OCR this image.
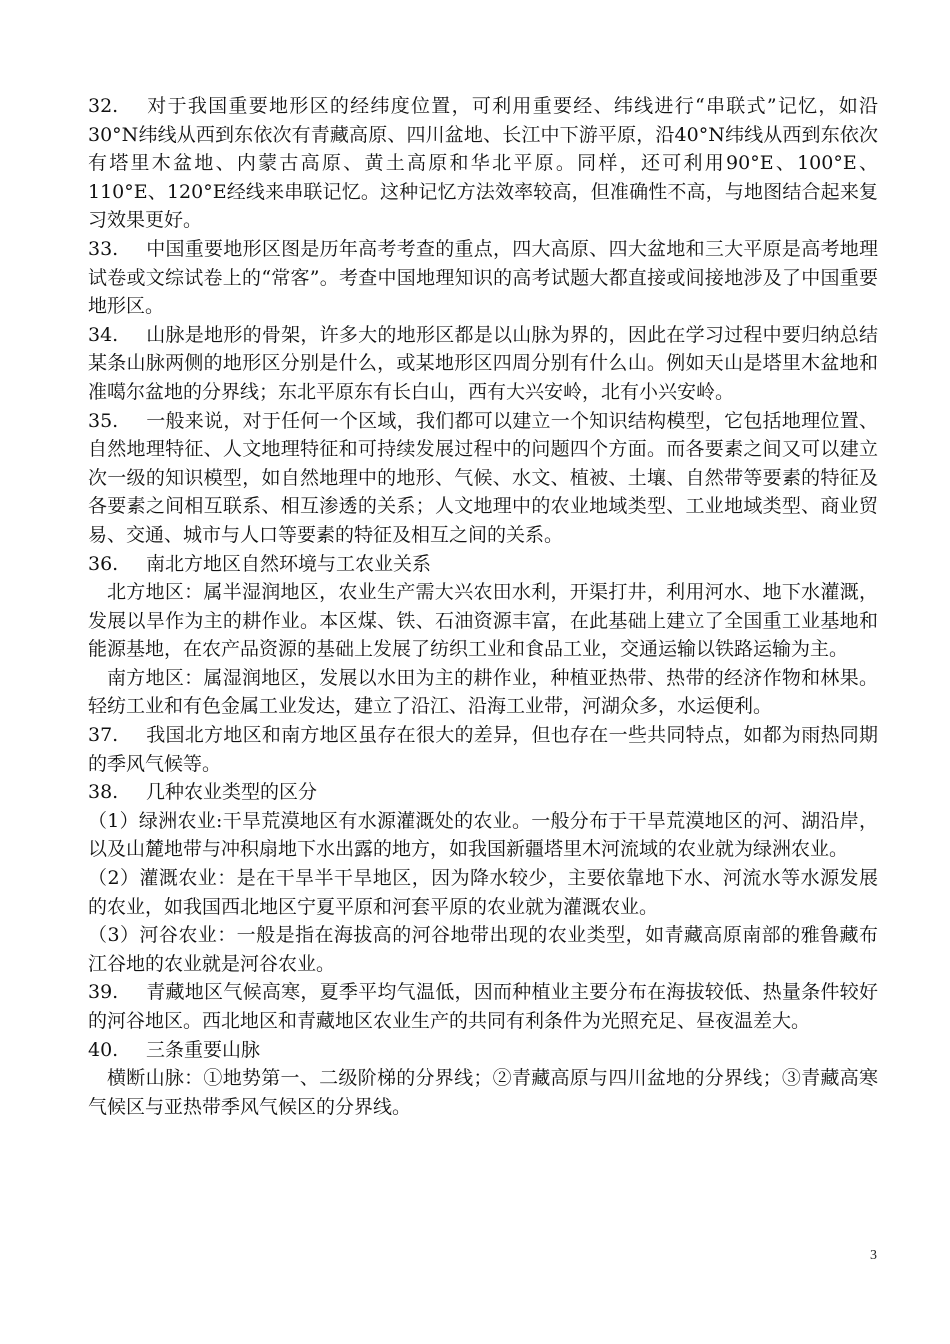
32. 对于我国重要地形区的经纬度位置，可利用重要经、纬线进行“串联式”记忆，如沿30°N纬线从西到东依次有青藏高原、四川盆地、长江中下游平原，沿40°N纬线从西到东依次有塔里木盆地、内蒙古高原、黄土高原和华北平原。同样，还可利用90°E、100°E、110°E、120°E经线来串联记忆。这种记忆方法效率较高，但准确性不高，与地图结合起来复习效果更好。

33. 中国重要地形区图是历年高考考查的重点，四大高原、四大盆地和三大平原是高考地理试卷或文综试卷上的“常客”。考查中国地理知识的高考试题大都直接或间接地涉及了中国重要地形区。

34. 山脉是地形的骨架，许多大的地形区都是以山脉为界的，因此在学习过程中要归纳总结某条山脉两侧的地形区分别是什么，或某地形区四周分别有什么山。例如天山是塔里木盆地和准噶尔盆地的分界线；东北平原东有长白山，西有大兴安岭，北有小兴安岭。

35. 一般来说，对于任何一个区域，我们都可以建立一个知识结构模型，它包括地理位置、自然地理特征、人文地理特征和可持续发展过程中的问题四个方面。而各要素之间又可以建立次一级的知识模型，如自然地理中的地形、气候、水文、植被、土壤、自然带等要素的特征及各要素之间相互联系、相互渗透的关系；人文地理中的农业地域类型、工业地域类型、商业贸易、交通、城市与人口等要素的特征及相互之间的关系。

36. 南北方地区自然环境与工农业关系

北方地区：属半湿润地区，农业生产需大兴农田水利，开渠打井，利用河水、地下水灌溉，发展以旱作为主的耕作业。本区煤、铁、石油资源丰富，在此基础上建立了全国重工业基地和能源基地，在农产品资源的基础上发展了纺织工业和食品工业，交通运输以铁路运输为主。

南方地区：属湿润地区，发展以水田为主的耕作业，种植亚热带、热带的经济作物和林果。轻纺工业和有色金属工业发达，建立了沿江、沿海工业带，河湖众多，水运便利。

37. 我国北方地区和南方地区虽存在很大的差异，但也存在一些共同特点，如都为雨热同期的季风气候等。

38. 几种农业类型的区分

（1）绿洲农业:干旱荒漠地区有水源灌溉处的农业。一般分布于干旱荒漠地区的河、湖沿岸，以及山麓地带与冲积扇地下水出露的地方，如我国新疆塔里木河流域的农业就为绿洲农业。

（2）灌溉农业：是在干旱半干旱地区，因为降水较少，主要依靠地下水、河流水等水源发展的农业，如我国西北地区宁夏平原和河套平原的农业就为灌溉农业。

（3）河谷农业：一般是指在海拔高的河谷地带出现的农业类型，如青藏高原南部的雅鲁藏布江谷地的农业就是河谷农业。

39. 青藏地区气候高寒，夏季平均气温低，因而种植业主要分布在海拔较低、热量条件较好的河谷地区。西北地区和青藏地区农业生产的共同有利条件为光照充足、昼夜温差大。

40. 三条重要山脉

横断山脉：①地势第一、二级阶梯的分界线；②青藏高原与四川盆地的分界线；③青藏高寒气候区与亚热带季风气候区的分界线。

3
